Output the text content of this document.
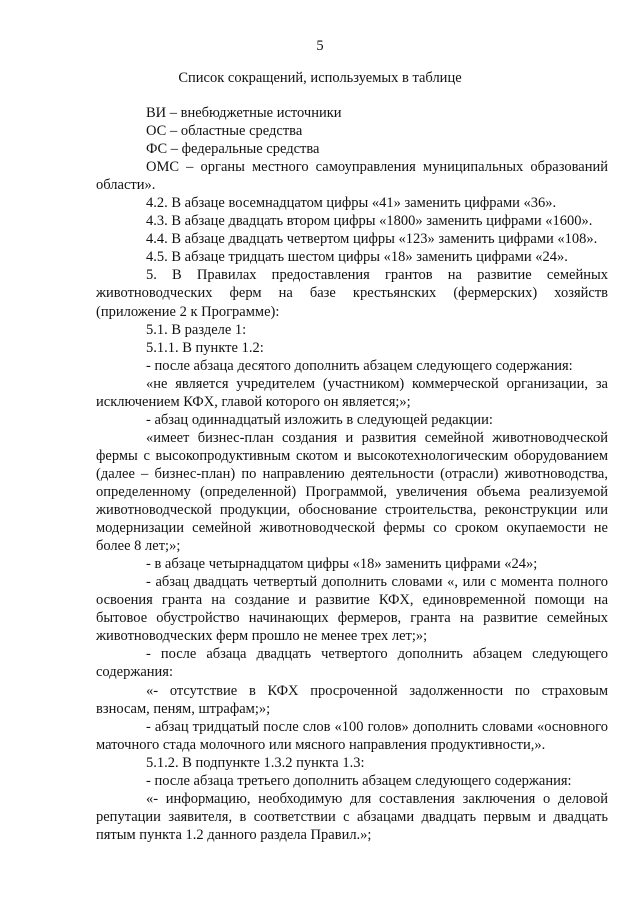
5
Список сокращений, используемых в таблице

ВИ – внебюджетные источники

ОС – областные средства

ФС – федеральные средства

ОМС – органы местного самоуправления муниципальных образований области».

4.2. В абзаце восемнадцатом цифры «41» заменить цифрами «36».

4.3. В абзаце двадцать втором цифры «1800» заменить цифрами «1600».

4.4. В абзаце двадцать четвертом цифры «123» заменить цифрами «108».

4.5. В абзаце тридцать шестом цифры «18» заменить цифрами «24».

5. В Правилах предоставления грантов на развитие семейных животноводческих ферм на базе крестьянских (фермерских) хозяйств (приложение 2 к Программе):

5.1. В разделе 1:

5.1.1. В пункте 1.2:

- после абзаца десятого дополнить абзацем следующего содержания:

«не является учредителем (участником) коммерческой организации, за исключением КФХ, главой которого он является;»;

- абзац одиннадцатый изложить в следующей редакции:

«имеет бизнес-план создания и развития семейной животноводческой фермы с высокопродуктивным скотом и высокотехнологическим оборудованием (далее – бизнес-план) по направлению деятельности (отрасли) животноводства, определенному (определенной) Программой, увеличения объема реализуемой животноводческой продукции, обоснование строительства, реконструкции или модернизации семейной животноводческой фермы со сроком окупаемости не более 8 лет;»;

- в абзаце четырнадцатом цифры «18» заменить цифрами «24»;

- абзац двадцать четвертый дополнить словами «, или с момента полного освоения гранта на создание и развитие КФХ, единовременной помощи на бытовое обустройство начинающих фермеров, гранта на развитие семейных животноводческих ферм прошло не менее трех лет;»;

- после абзаца двадцать четвертого дополнить абзацем следующего содержания:

«- отсутствие в КФХ просроченной задолженности по страховым взносам, пеням, штрафам;»;

- абзац тридцатый после слов «100 голов» дополнить словами «основного маточного стада молочного или мясного направления продуктивности,».

5.1.2. В подпункте 1.3.2 пункта 1.3:

- после абзаца третьего дополнить абзацем следующего содержания:

«- информацию, необходимую для составления заключения о деловой репутации заявителя, в соответствии с абзацами двадцать первым и двадцать пятым пункта 1.2 данного раздела Правил.»;
